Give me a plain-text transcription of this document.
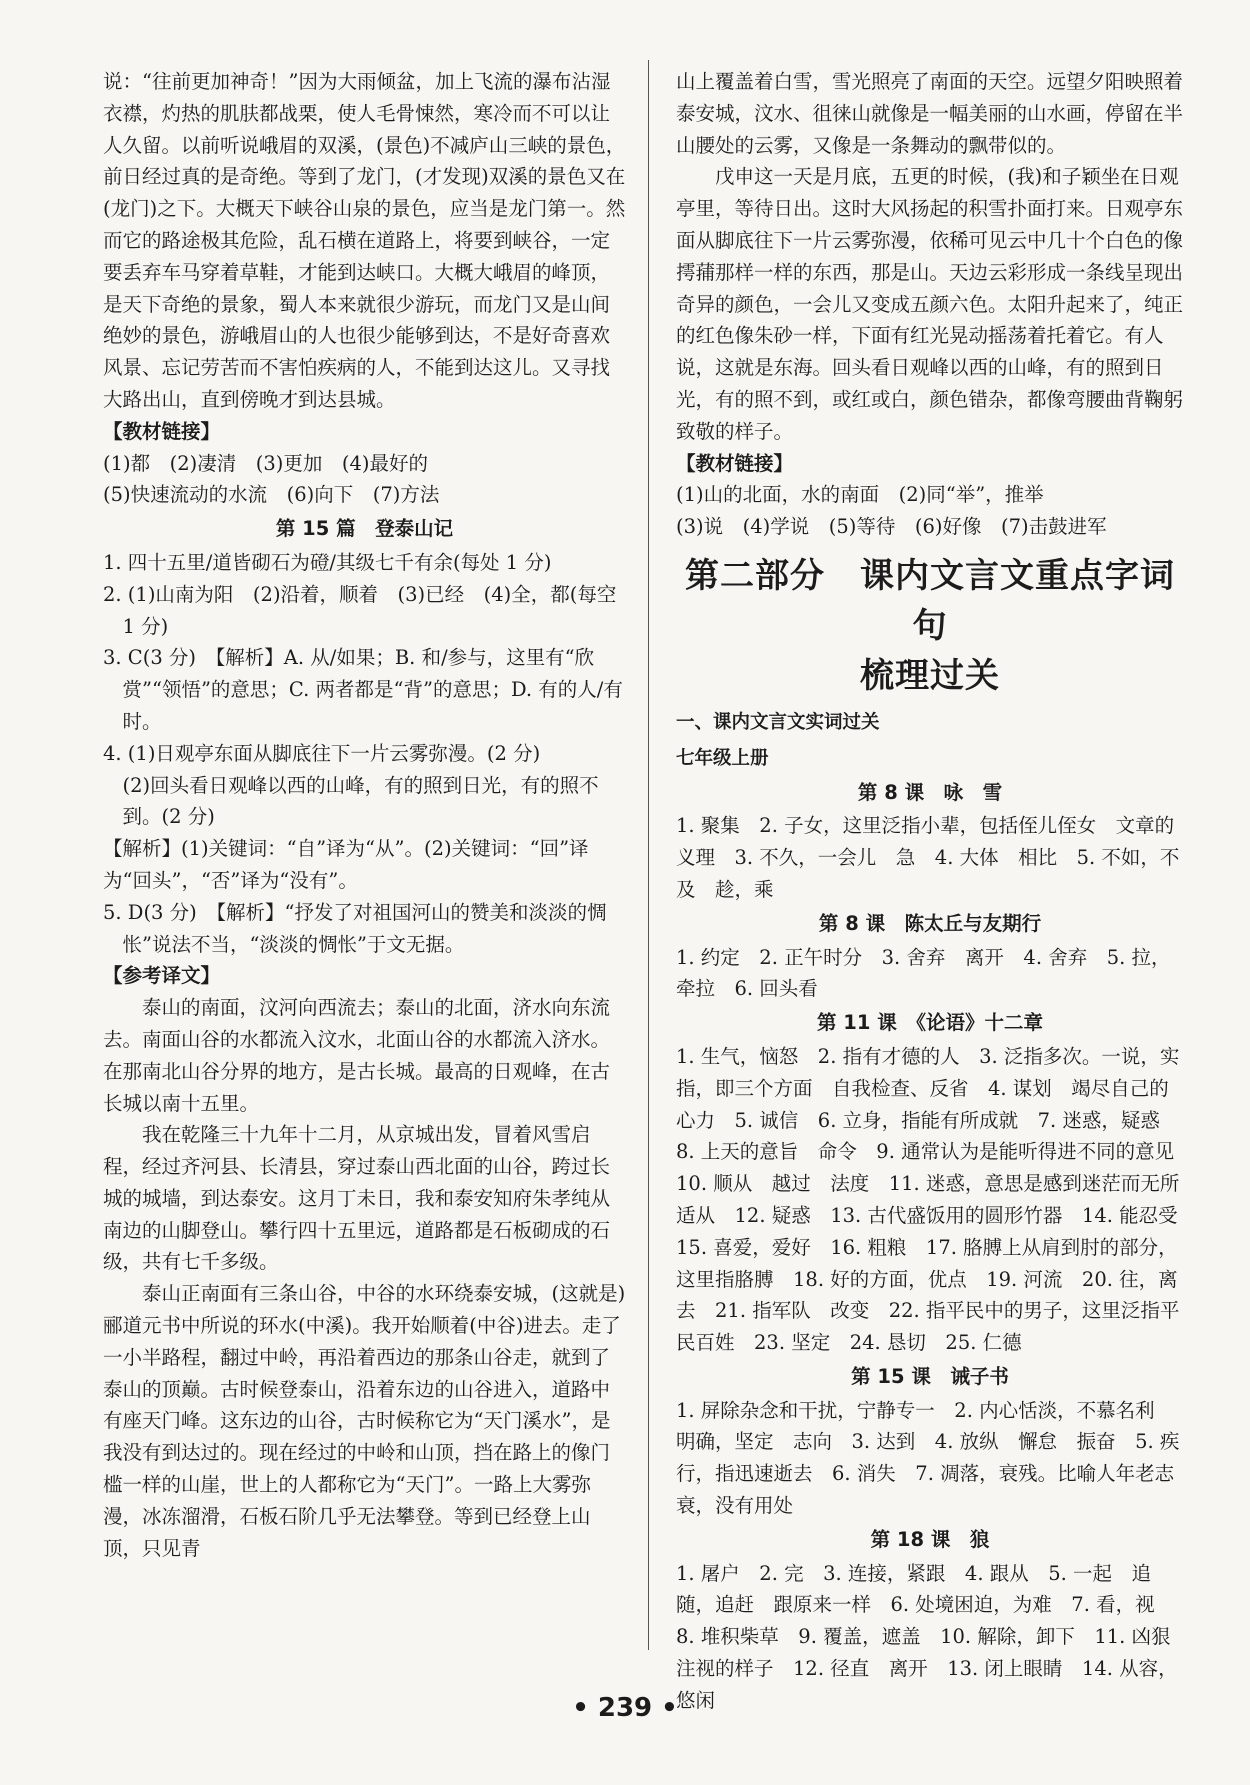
说：“往前更加神奇！”因为大雨倾盆，加上飞流的瀑布沾湿衣襟，灼热的肌肤都战栗，使人毛骨悚然，寒冷而不可以让人久留。以前听说峨眉的双溪，(景色)不减庐山三峡的景色，前日经过真的是奇绝。等到了龙门，(才发现)双溪的景色又在(龙门)之下。大概天下峡谷山泉的景色，应当是龙门第一。然而它的路途极其危险，乱石横在道路上，将要到峡谷，一定要丢弃车马穿着草鞋，才能到达峡口。大概大峨眉的峰顶，是天下奇绝的景象，蜀人本来就很少游玩，而龙门又是山间绝妙的景色，游峨眉山的人也很少能够到达，不是好奇喜欢风景、忘记劳苦而不害怕疾病的人，不能到达这儿。又寻找大路出山，直到傍晚才到达县城。

【教材链接】

(1)都　(2)凄清　(3)更加　(4)最好的

(5)快速流动的水流　(6)向下　(7)方法

第 15 篇　登泰山记

1. 四十五里/道皆砌石为磴/其级七千有余(每处 1 分)

2. (1)山南为阳　(2)沿着，顺着　(3)已经　(4)全，都(每空 1 分)

3. C(3 分)　【解析】A. 从/如果；B. 和/参与，这里有“欣赏”“领悟”的意思；C. 两者都是“背”的意思；D. 有的人/有时。

4. (1)日观亭东面从脚底往下一片云雾弥漫。(2 分)

(2)回头看日观峰以西的山峰，有的照到日光，有的照不到。(2 分)

【解析】(1)关键词：“自”译为“从”。(2)关键词：“回”译为“回头”，“否”译为“没有”。

5. D(3 分)　【解析】“抒发了对祖国河山的赞美和淡淡的惆怅”说法不当，“淡淡的惆怅”于文无据。

【参考译文】

泰山的南面，汶河向西流去；泰山的北面，济水向东流去。南面山谷的水都流入汶水，北面山谷的水都流入济水。在那南北山谷分界的地方，是古长城。最高的日观峰，在古长城以南十五里。

我在乾隆三十九年十二月，从京城出发，冒着风雪启程，经过齐河县、长清县，穿过泰山西北面的山谷，跨过长城的城墙，到达泰安。这月丁未日，我和泰安知府朱孝纯从南边的山脚登山。攀行四十五里远，道路都是石板砌成的石级，共有七千多级。

泰山正南面有三条山谷，中谷的水环绕泰安城，(这就是)郦道元书中所说的环水(中溪)。我开始顺着(中谷)进去。走了一小半路程，翻过中岭，再沿着西边的那条山谷走，就到了泰山的顶巅。古时候登泰山，沿着东边的山谷进入，道路中有座天门峰。这东边的山谷，古时候称它为“天门溪水”，是我没有到达过的。现在经过的中岭和山顶，挡在路上的像门槛一样的山崖，世上的人都称它为“天门”。一路上大雾弥漫，冰冻溜滑，石板石阶几乎无法攀登。等到已经登上山顶，只见青

山上覆盖着白雪，雪光照亮了南面的天空。远望夕阳映照着泰安城，汶水、徂徕山就像是一幅美丽的山水画，停留在半山腰处的云雾，又像是一条舞动的飘带似的。

戊申这一天是月底，五更的时候，(我)和子颖坐在日观亭里，等待日出。这时大风扬起的积雪扑面打来。日观亭东面从脚底往下一片云雾弥漫，依稀可见云中几十个白色的像摴蒱那样一样的东西，那是山。天边云彩形成一条线呈现出奇异的颜色，一会儿又变成五颜六色。太阳升起来了，纯正的红色像朱砂一样，下面有红光晃动摇荡着托着它。有人说，这就是东海。回头看日观峰以西的山峰，有的照到日光，有的照不到，或红或白，颜色错杂，都像弯腰曲背鞠躬致敬的样子。

【教材链接】

(1)山的北面，水的南面　(2)同“举”，推举

(3)说　(4)学说　(5)等待　(6)好像　(7)击鼓进军

第二部分　课内文言文重点字词句
梳理过关

一、课内文言文实词过关

七年级上册

第 8 课　咏　雪

1. 聚集　2. 子女，这里泛指小辈，包括侄儿侄女　文章的义理　3. 不久，一会儿　急　4. 大体　相比　5. 不如，不及　趁，乘

第 8 课　陈太丘与友期行

1. 约定　2. 正午时分　3. 舍弃　离开　4. 舍弃　5. 拉，牵拉　6. 回头看

第 11 课　《论语》十二章

1. 生气，恼怒　2. 指有才德的人　3. 泛指多次。一说，实指，即三个方面　自我检查、反省　4. 谋划　竭尽自己的心力　5. 诚信　6. 立身，指能有所成就　7. 迷惑，疑惑　8. 上天的意旨　命令　9. 通常认为是能听得进不同的意见　10. 顺从　越过　法度　11. 迷惑，意思是感到迷茫而无所适从　12. 疑惑　13. 古代盛饭用的圆形竹器　14. 能忍受　15. 喜爱，爱好　16. 粗粮　17. 胳膊上从肩到肘的部分，这里指胳膊　18. 好的方面，优点　19. 河流　20. 往，离去　21. 指军队　改变　22. 指平民中的男子，这里泛指平民百姓　23. 坚定　24. 恳切　25. 仁德

第 15 课　诫子书

1. 屏除杂念和干扰，宁静专一　2. 内心恬淡，不慕名利　明确，坚定　志向　3. 达到　4. 放纵　懈怠　振奋　5. 疾行，指迅速逝去　6. 消失　7. 凋落，衰残。比喻人年老志衰，没有用处

第 18 课　狼

1. 屠户　2. 完　3. 连接，紧跟　4. 跟从　5. 一起　追随，追赶　跟原来一样　6. 处境困迫，为难　7. 看，视　8. 堆积柴草　9. 覆盖，遮盖　10. 解除，卸下　11. 凶狠注视的样子　12. 径直　离开　13. 闭上眼睛　14. 从容，悠闲

• 239 •
